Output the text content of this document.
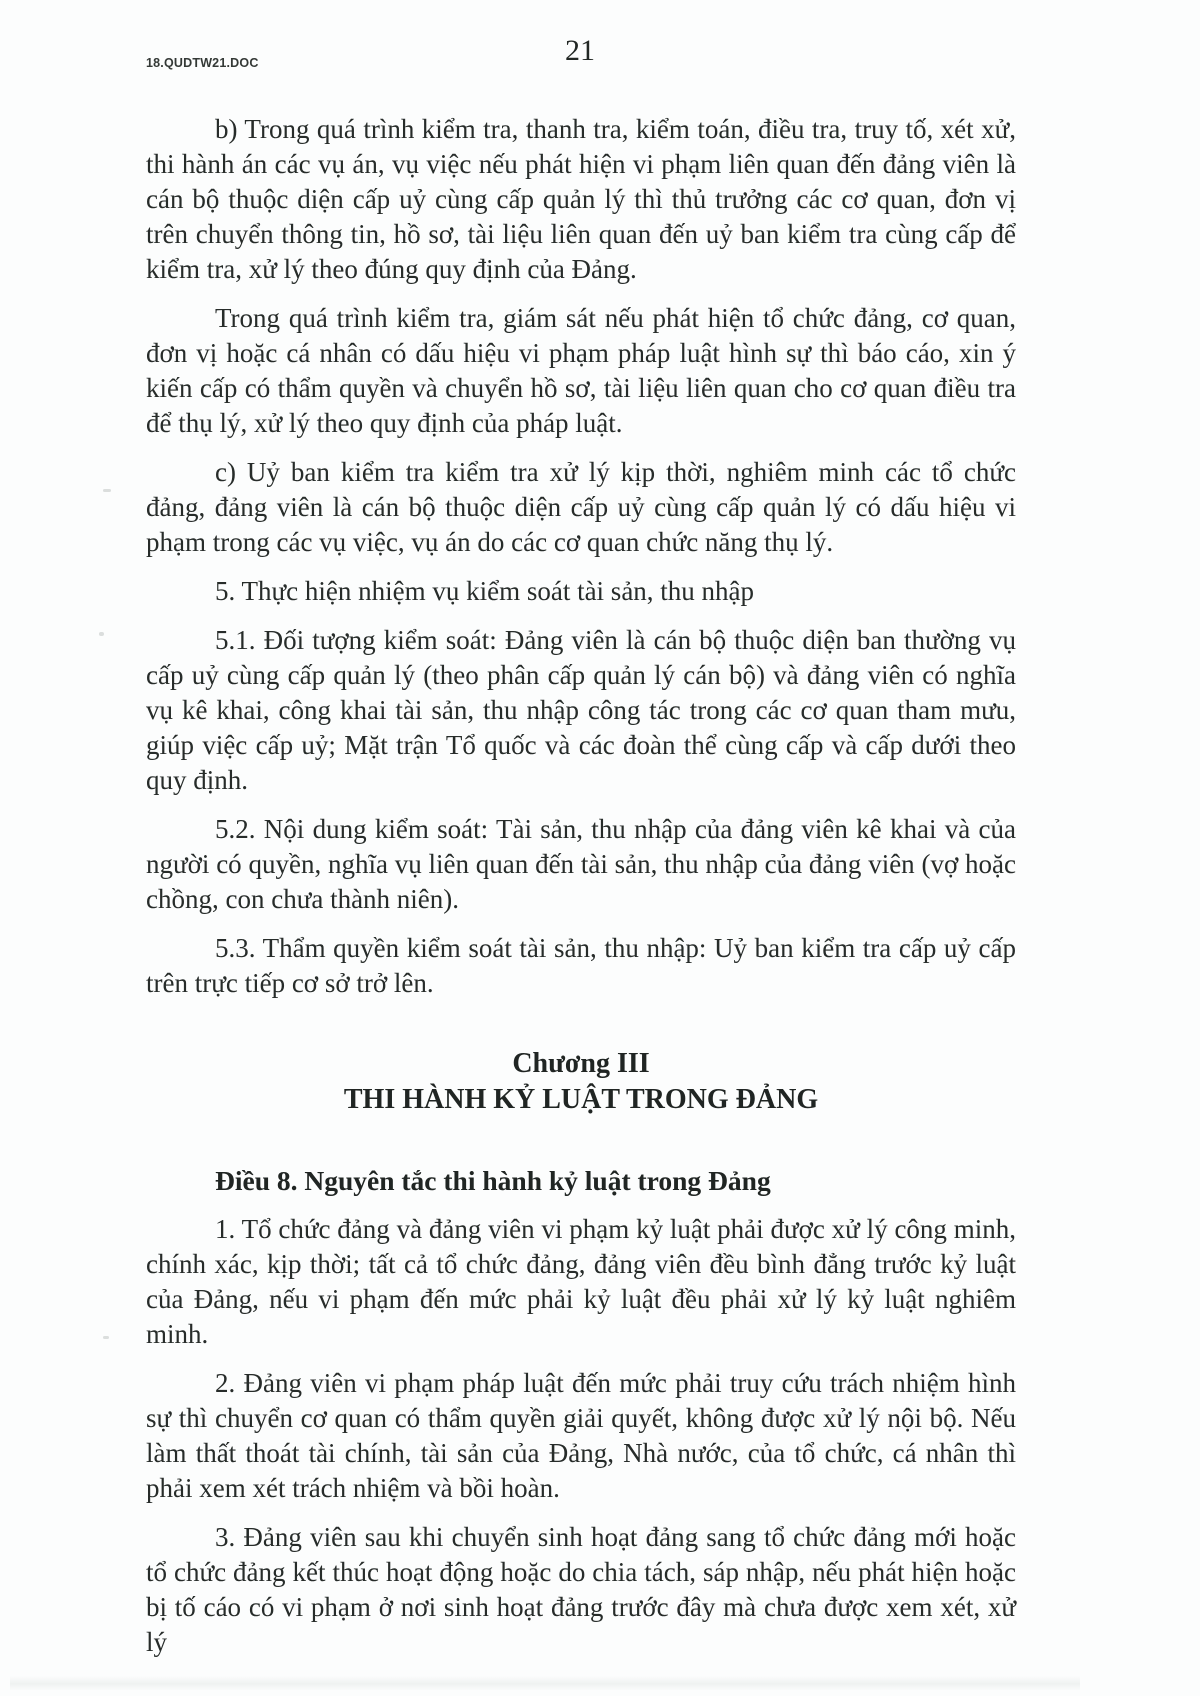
18.QUDTW21.DOC	21

b) Trong quá trình kiểm tra, thanh tra, kiểm toán, điều tra, truy tố, xét xử, thi hành án các vụ án, vụ việc nếu phát hiện vi phạm liên quan đến đảng viên là cán bộ thuộc diện cấp uỷ cùng cấp quản lý thì thủ trưởng các cơ quan, đơn vị trên chuyển thông tin, hồ sơ, tài liệu liên quan đến uỷ ban kiểm tra cùng cấp để kiểm tra, xử lý theo đúng quy định của Đảng.

Trong quá trình kiểm tra, giám sát nếu phát hiện tổ chức đảng, cơ quan, đơn vị hoặc cá nhân có dấu hiệu vi phạm pháp luật hình sự thì báo cáo, xin ý kiến cấp có thẩm quyền và chuyển hồ sơ, tài liệu liên quan cho cơ quan điều tra để thụ lý, xử lý theo quy định của pháp luật.

c) Uỷ ban kiểm tra kiểm tra xử lý kịp thời, nghiêm minh các tổ chức đảng, đảng viên là cán bộ thuộc diện cấp uỷ cùng cấp quản lý có dấu hiệu vi phạm trong các vụ việc, vụ án do các cơ quan chức năng thụ lý.

5. Thực hiện nhiệm vụ kiểm soát tài sản, thu nhập

5.1. Đối tượng kiểm soát: Đảng viên là cán bộ thuộc diện ban thường vụ cấp uỷ cùng cấp quản lý (theo phân cấp quản lý cán bộ) và đảng viên có nghĩa vụ kê khai, công khai tài sản, thu nhập công tác trong các cơ quan tham mưu, giúp việc cấp uỷ; Mặt trận Tổ quốc và các đoàn thể cùng cấp và cấp dưới theo quy định.

5.2. Nội dung kiểm soát: Tài sản, thu nhập của đảng viên kê khai và của người có quyền, nghĩa vụ liên quan đến tài sản, thu nhập của đảng viên (vợ hoặc chồng, con chưa thành niên).

5.3. Thẩm quyền kiểm soát tài sản, thu nhập: Uỷ ban kiểm tra cấp uỷ cấp trên trực tiếp cơ sở trở lên.

Chương III
THI HÀNH KỶ LUẬT TRONG ĐẢNG

Điều 8. Nguyên tắc thi hành kỷ luật trong Đảng

1. Tổ chức đảng và đảng viên vi phạm kỷ luật phải được xử lý công minh, chính xác, kịp thời; tất cả tổ chức đảng, đảng viên đều bình đẳng trước kỷ luật của Đảng, nếu vi phạm đến mức phải kỷ luật đều phải xử lý kỷ luật nghiêm minh.

2. Đảng viên vi phạm pháp luật đến mức phải truy cứu trách nhiệm hình sự thì chuyển cơ quan có thẩm quyền giải quyết, không được xử lý nội bộ. Nếu làm thất thoát tài chính, tài sản của Đảng, Nhà nước, của tổ chức, cá nhân thì phải xem xét trách nhiệm và bồi hoàn.

3. Đảng viên sau khi chuyển sinh hoạt đảng sang tổ chức đảng mới hoặc tổ chức đảng kết thúc hoạt động hoặc do chia tách, sáp nhập, nếu phát hiện hoặc bị tố cáo có vi phạm ở nơi sinh hoạt đảng trước đây mà chưa được xem xét, xử lý
